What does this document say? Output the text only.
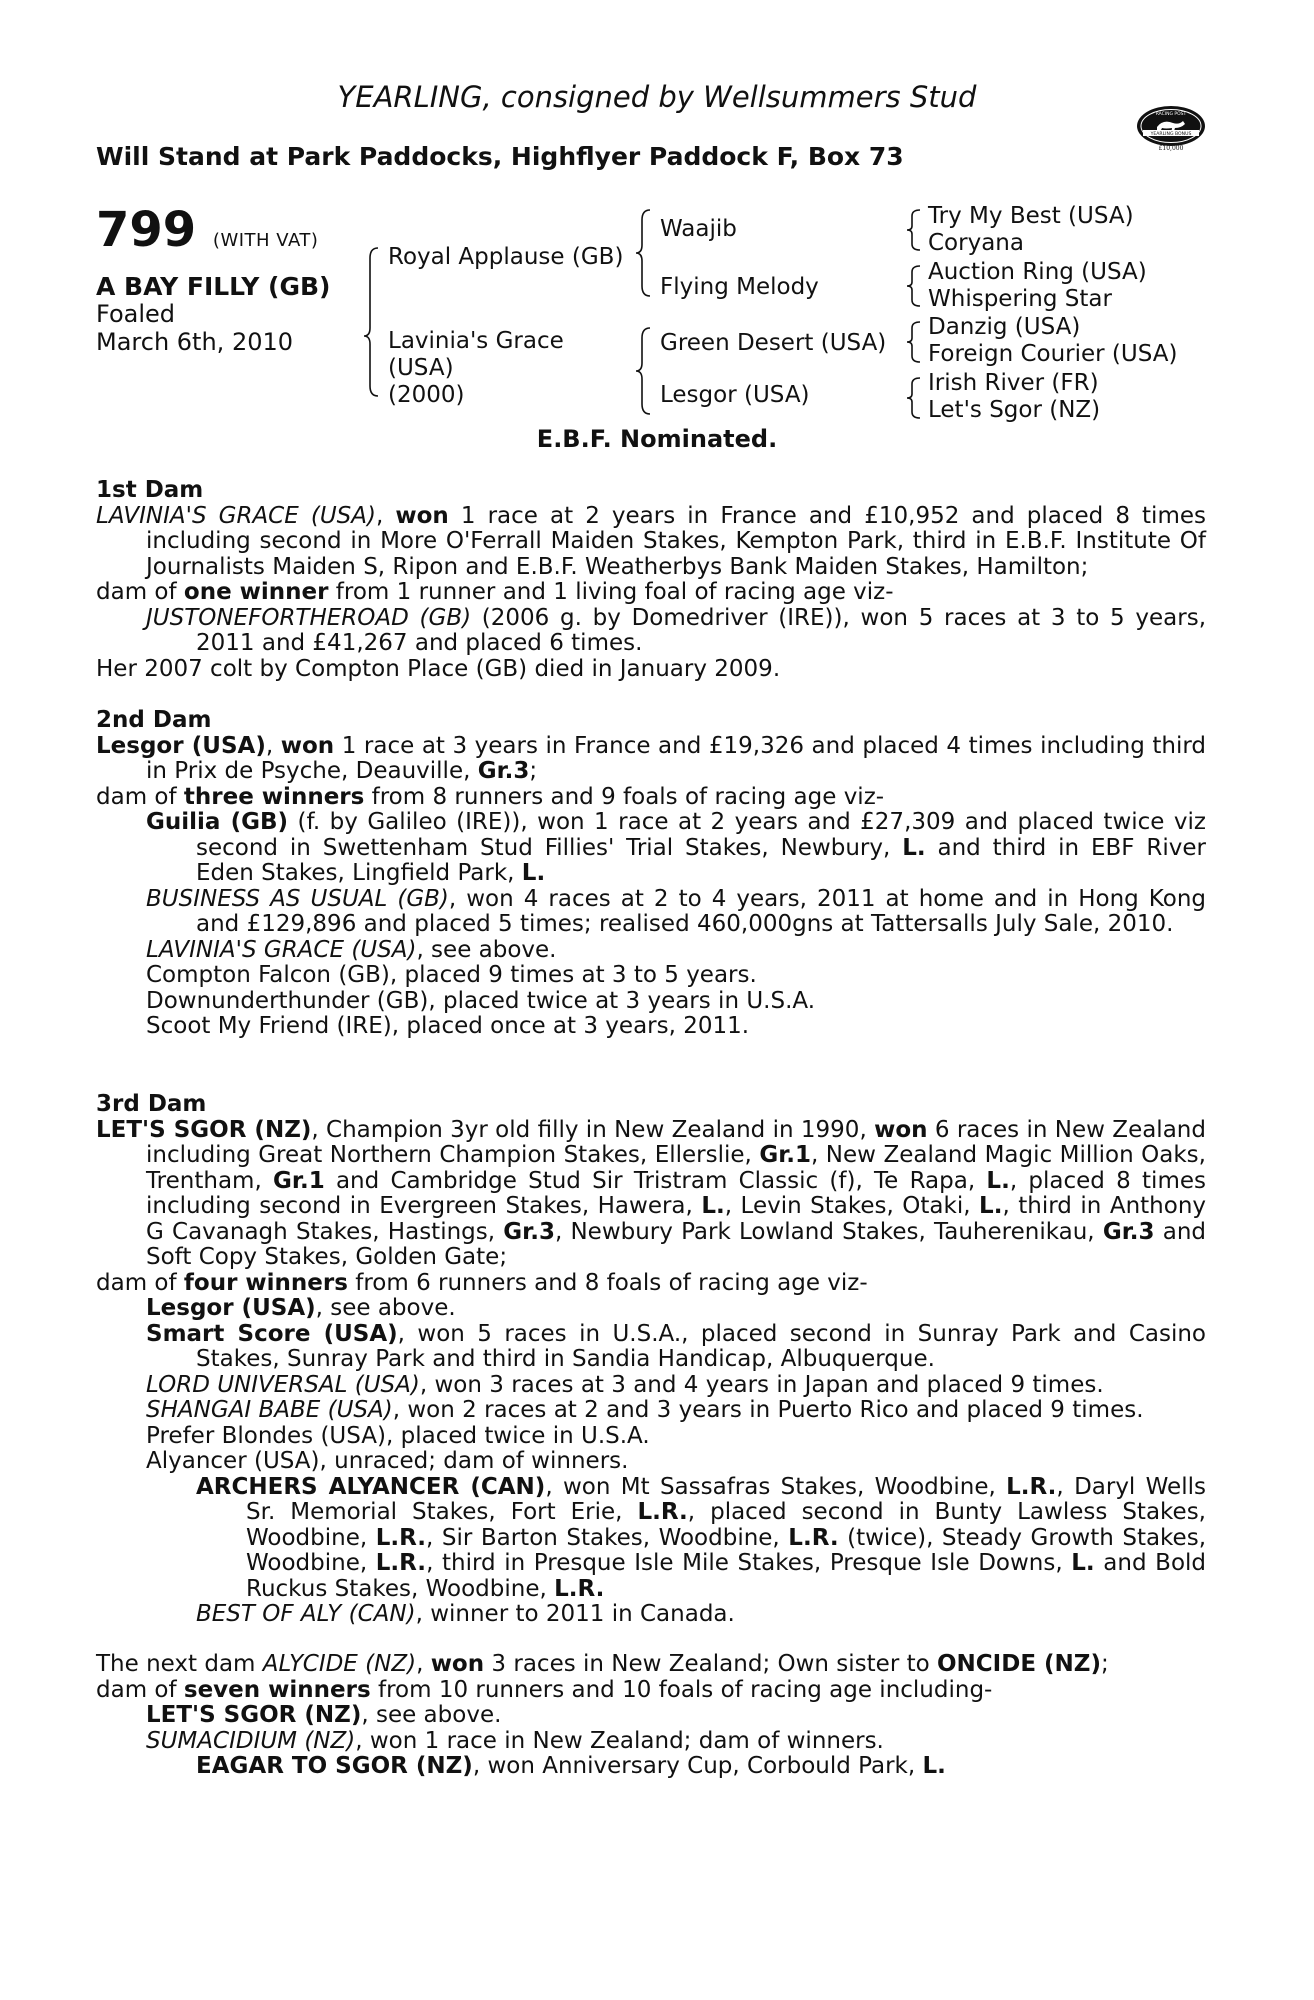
YEARLING, consigned by Wellsummers Stud
Will Stand at Park Paddocks, Highflyer Paddock F, Box 73
RACING POST
YEARLING BONUS
£10,000
799 (WITH VAT)
A BAY FILLY (GB)
Foaled
March 6th, 2010
Royal Applause (GB)
Lavinia's Grace
(USA)
(2000)
Waajib
Flying Melody
Green Desert (USA)
Lesgor (USA)
Try My Best (USA)
Coryana
Auction Ring (USA)
Whispering Star
Danzig (USA)
Foreign Courier (USA)
Irish River (FR)
Let's Sgor (NZ)
E.B.F. Nominated.
1st Dam
LAVINIA'S GRACE (USA), won 1 race at 2 years in France and £10,952 and placed 8 times including second in More O'Ferrall Maiden Stakes, Kempton Park, third in E.B.F. Institute Of Journalists Maiden S, Ripon and E.B.F. Weatherbys Bank Maiden Stakes, Hamilton;
dam of one winner from 1 runner and 1 living foal of racing age viz-
JUSTONEFORTHEROAD (GB) (2006 g. by Domedriver (IRE)), won 5 races at 3 to 5 years, 2011 and £41,267 and placed 6 times.
Her 2007 colt by Compton Place (GB) died in January 2009.
2nd Dam
Lesgor (USA), won 1 race at 3 years in France and £19,326 and placed 4 times including third in Prix de Psyche, Deauville, Gr.3;
dam of three winners from 8 runners and 9 foals of racing age viz-
Guilia (GB) (f. by Galileo (IRE)), won 1 race at 2 years and £27,309 and placed twice viz second in Swettenham Stud Fillies' Trial Stakes, Newbury, L. and third in EBF River Eden Stakes, Lingfield Park, L.
BUSINESS AS USUAL (GB), won 4 races at 2 to 4 years, 2011 at home and in Hong Kong and £129,896 and placed 5 times; realised 460,000gns at Tattersalls July Sale, 2010.
LAVINIA'S GRACE (USA), see above.
Compton Falcon (GB), placed 9 times at 3 to 5 years.
Downunderthunder (GB), placed twice at 3 years in U.S.A.
Scoot My Friend (IRE), placed once at 3 years, 2011.
3rd Dam
LET'S SGOR (NZ), Champion 3yr old filly in New Zealand in 1990, won 6 races in New Zealand including Great Northern Champion Stakes, Ellerslie, Gr.1, New Zealand Magic Million Oaks, Trentham, Gr.1 and Cambridge Stud Sir Tristram Classic (f), Te Rapa, L., placed 8 times including second in Evergreen Stakes, Hawera, L., Levin Stakes, Otaki, L., third in Anthony G Cavanagh Stakes, Hastings, Gr.3, Newbury Park Lowland Stakes, Tauherenikau, Gr.3 and Soft Copy Stakes, Golden Gate;
dam of four winners from 6 runners and 8 foals of racing age viz-
Lesgor (USA), see above.
Smart Score (USA), won 5 races in U.S.A., placed second in Sunray Park and Casino Stakes, Sunray Park and third in Sandia Handicap, Albuquerque.
LORD UNIVERSAL (USA), won 3 races at 3 and 4 years in Japan and placed 9 times.
SHANGAI BABE (USA), won 2 races at 2 and 3 years in Puerto Rico and placed 9 times.
Prefer Blondes (USA), placed twice in U.S.A.
Alyancer (USA), unraced; dam of winners.
ARCHERS ALYANCER (CAN), won Mt Sassafras Stakes, Woodbine, L.R., Daryl Wells Sr. Memorial Stakes, Fort Erie, L.R., placed second in Bunty Lawless Stakes, Woodbine, L.R., Sir Barton Stakes, Woodbine, L.R. (twice), Steady Growth Stakes, Woodbine, L.R., third in Presque Isle Mile Stakes, Presque Isle Downs, L. and Bold Ruckus Stakes, Woodbine, L.R.
BEST OF ALY (CAN), winner to 2011 in Canada.
The next dam ALYCIDE (NZ), won 3 races in New Zealand; Own sister to ONCIDE (NZ);
dam of seven winners from 10 runners and 10 foals of racing age including-
LET'S SGOR (NZ), see above.
SUMACIDIUM (NZ), won 1 race in New Zealand; dam of winners.
EAGAR TO SGOR (NZ), won Anniversary Cup, Corbould Park, L.
